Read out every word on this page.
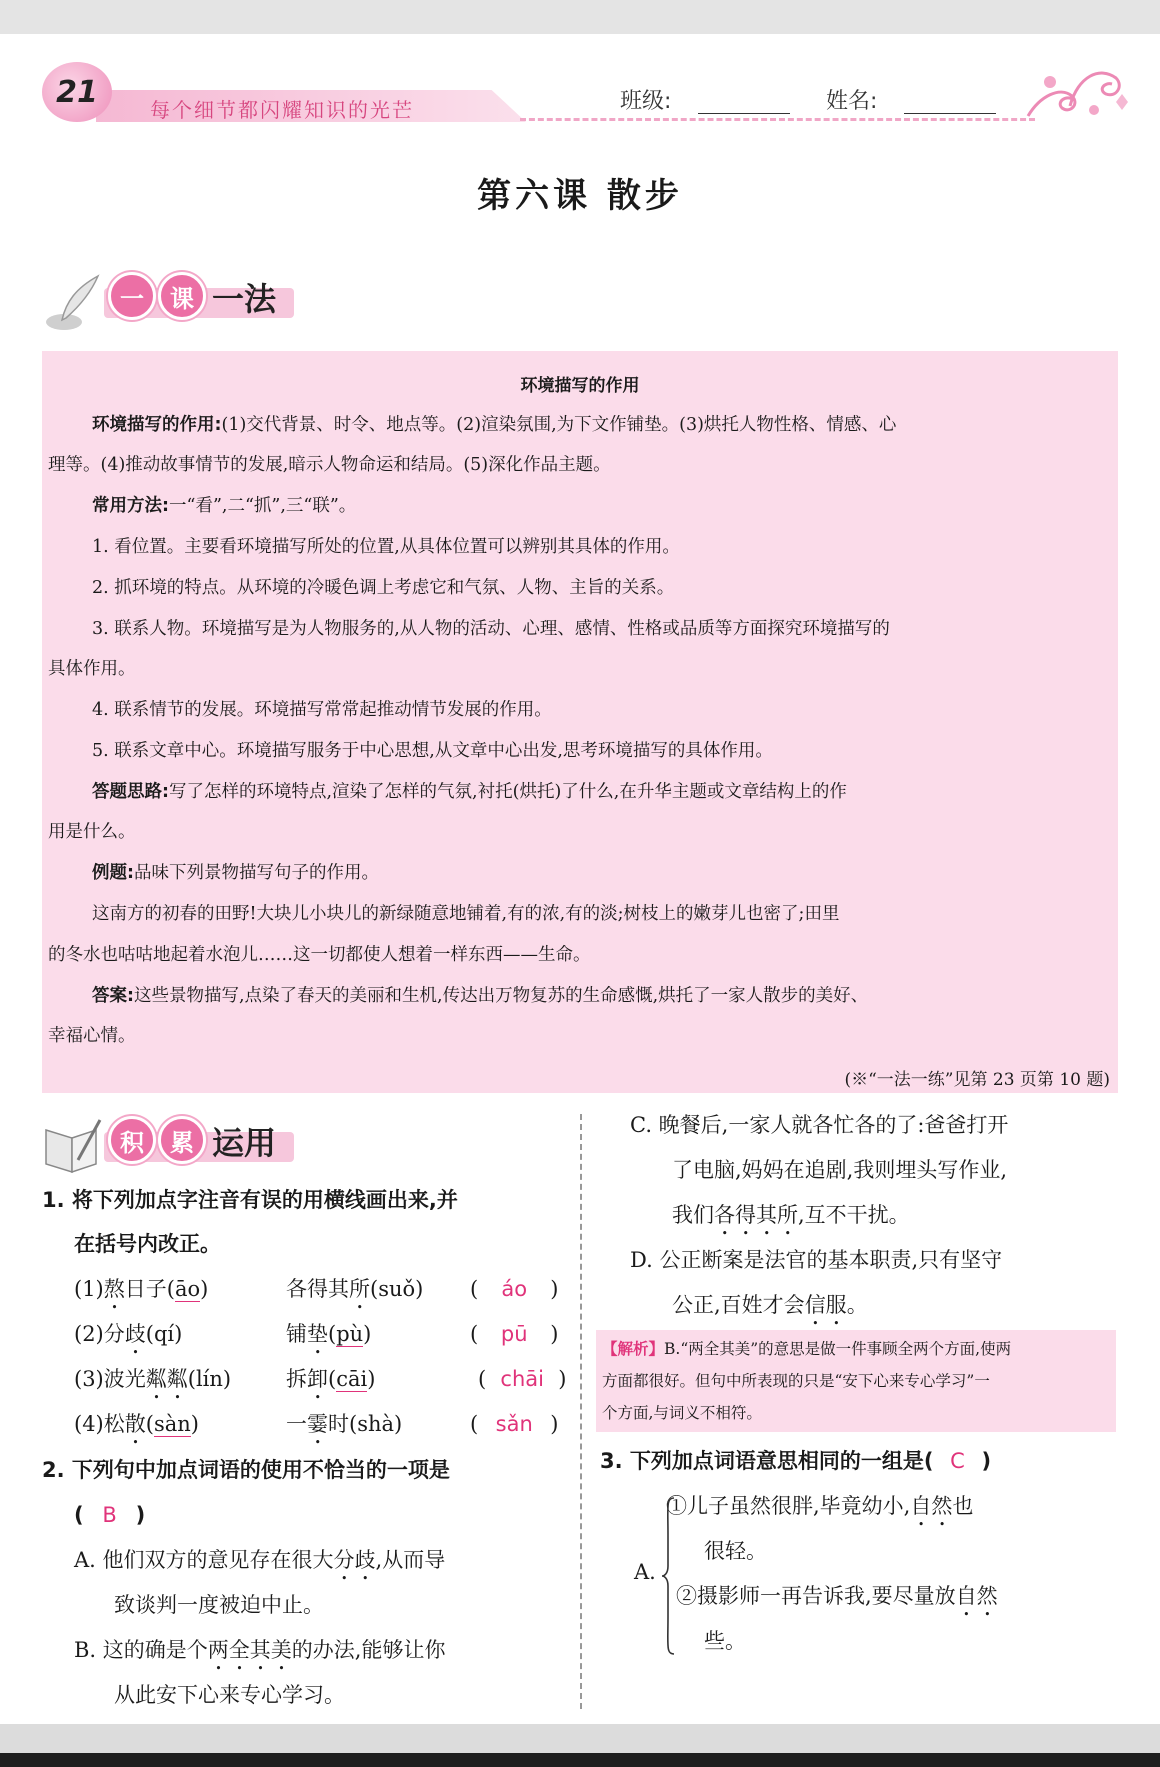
21
每个细节都闪耀知识的光芒	班级:	姓名:
第六课 散步
一	课 一法
环境描写的作用
环境描写的作用:(1)交代背景、时令、地点等。(2)渲染氛围,为下文作铺垫。(3)烘托人物性格、情感、心
理等。(4)推动故事情节的发展,暗示人物命运和结局。(5)深化作品主题。
常用方法:一“看”,二“抓”,三“联”。
1. 看位置。主要看环境描写所处的位置,从具体位置可以辨别其具体的作用。
2. 抓环境的特点。从环境的冷暖色调上考虑它和气氛、人物、主旨的关系。
3. 联系人物。环境描写是为人物服务的,从人物的活动、心理、感情、性格或品质等方面探究环境描写的
具体作用。
4. 联系情节的发展。环境描写常常起推动情节发展的作用。
5. 联系文章中心。环境描写服务于中心思想,从文章中心出发,思考环境描写的具体作用。
答题思路:写了怎样的环境特点,渲染了怎样的气氛,衬托(烘托)了什么,在升华主题或文章结构上的作
用是什么。
例题:品味下列景物描写句子的作用。
这南方的初春的田野!大块儿小块儿的新绿随意地铺着,有的浓,有的淡;树枝上的嫩芽儿也密了;田里
的冬水也咕咕地起着水泡儿……这一切都使人想着一样东西——生命。
答案:这些景物描写,点染了春天的美丽和生机,传达出万物复苏的生命感慨,烘托了一家人散步的美好、
幸福心情。
(※“一法一练”见第 23 页第 10 题)
积	累 运用
1. 将下列加点字注音有误的用横线画出来,并
在括号内改正。
(1)熬日子(āo)	各得其所(suǒ) ( áo )
(2)分歧(qí)	铺垫(pù)	( pū )
(3)波光粼粼(lín)	拆卸(cāi)	( chāi )
(4)松散(sàn)	一霎时(shà)	( sǎn )
2. 下列句中加点词语的使用不恰当的一项是
( B )
A. 他们双方的意见存在很大分歧,从而导
致谈判一度被迫中止。
B. 这的确是个两全其美的办法,能够让你
从此安下心来专心学习。
C. 晚餐后,一家人就各忙各的了:爸爸打开
了电脑,妈妈在追剧,我则埋头写作业,
我们各得其所,互不干扰。
D. 公正断案是法官的基本职责,只有坚守
公正,百姓才会信服。
【解析】B.“两全其美”的意思是做一件事顾全两个方面,使两
方面都很好。但句中所表现的只是“安下心来专心学习”一
个方面,与词义不相符。
3. 下列加点词语意思相同的一组是( C )
①儿子虽然很胖,毕竟幼小,自然也
很轻。
A.
②摄影师一再告诉我,要尽量放自然
些。
